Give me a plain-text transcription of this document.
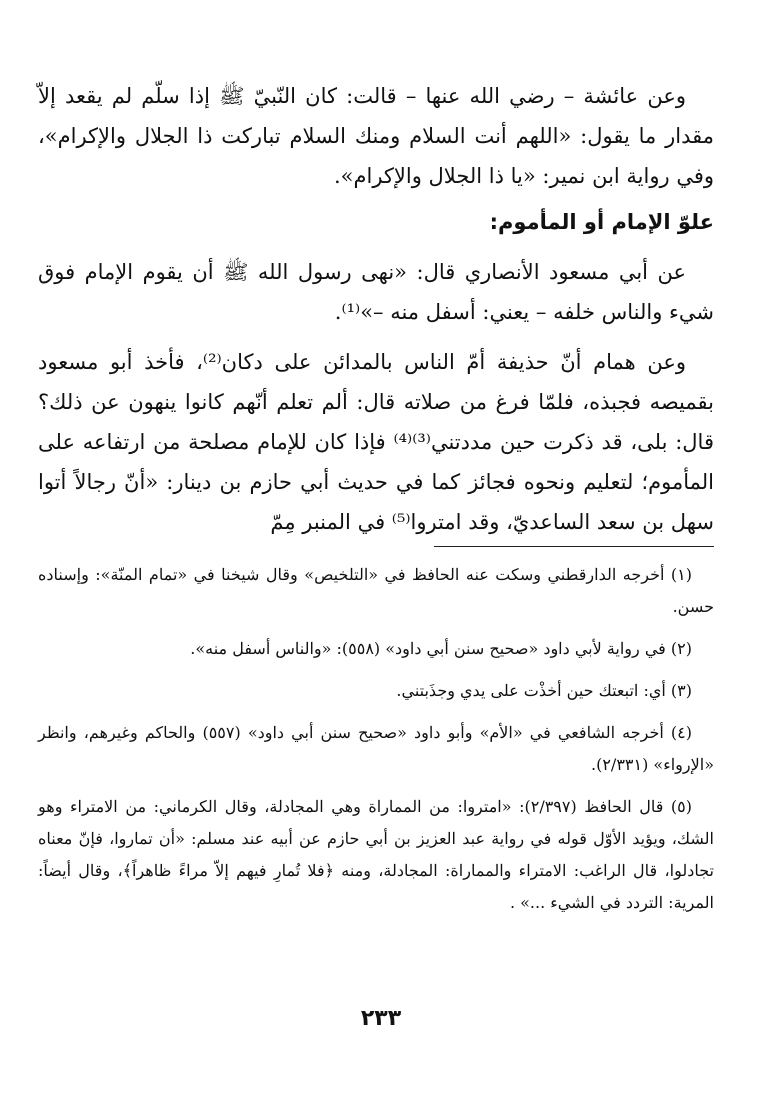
وعن عائشة – رضي الله عنها – قالت: كان النّبيّ ﷺ إذا سلّم لم يقعد إلاّ مقدار ما يقول: «اللهم أنت السلام ومنك السلام تباركت ذا الجلال والإكرام»، وفي رواية ابن نمير: «يا ذا الجلال والإكرام».

علوّ الإمام أو المأموم:

عن أبي مسعود الأنصاري قال: «نهى رسول الله ﷺ أن يقوم الإمام فوق شيء والناس خلفه – يعني: أسفل منه –»⁽¹⁾.

وعن همام أنّ حذيفة أمّ الناس بالمدائن على دكان⁽²⁾، فأخذ أبو مسعود بقميصه فجبذه، فلمّا فرغ من صلاته قال: ألم تعلم أنّهم كانوا ينهون عن ذلك؟ قال: بلى، قد ذكرت حين مددتني⁽³⁾⁽⁴⁾ فإذا كان للإمام مصلحة من ارتفاعه على المأموم؛ لتعليم ونحوه فجائز كما في حديث أبي حازم بن دينار: «أنّ رجالاً أتوا سهل بن سعد الساعديّ، وقد امتروا⁽⁵⁾ في المنبر مِمّ

(١) أخرجه الدارقطني وسكت عنه الحافظ في «التلخيص» وقال شيخنا في «تمام المنّة»: وإسناده حسن.

(٢) في رواية لأبي داود «صحيح سنن أبي داود» (٥٥٨): «والناس أسفل منه».

(٣) أي: اتبعتك حين أخذْت على يدي وجذَبتني.

(٤) أخرجه الشافعي في «الأم» وأبو داود «صحيح سنن أبي داود» (٥٥٧) والحاكم وغيرهم، وانظر «الإرواء» (٢/٣٣١).

(٥) قال الحافظ (٢/٣٩٧): «امتروا: من المماراة وهي المجادلة، وقال الكرماني: من الامتراء وهو الشك، ويؤيد الأوّل قوله في رواية عبد العزيز بن أبي حازم عن أبيه عند مسلم: «أن تماروا، فإنّ معناه تجادلوا، قال الراغب: الامتراء والمماراة: المجادلة، ومنه ﴿فلا تُمارِ فيهم إلاّ مراءً ظاهراً﴾، وقال أيضاً: المرية: التردد في الشيء ...» .

٢٣٣
